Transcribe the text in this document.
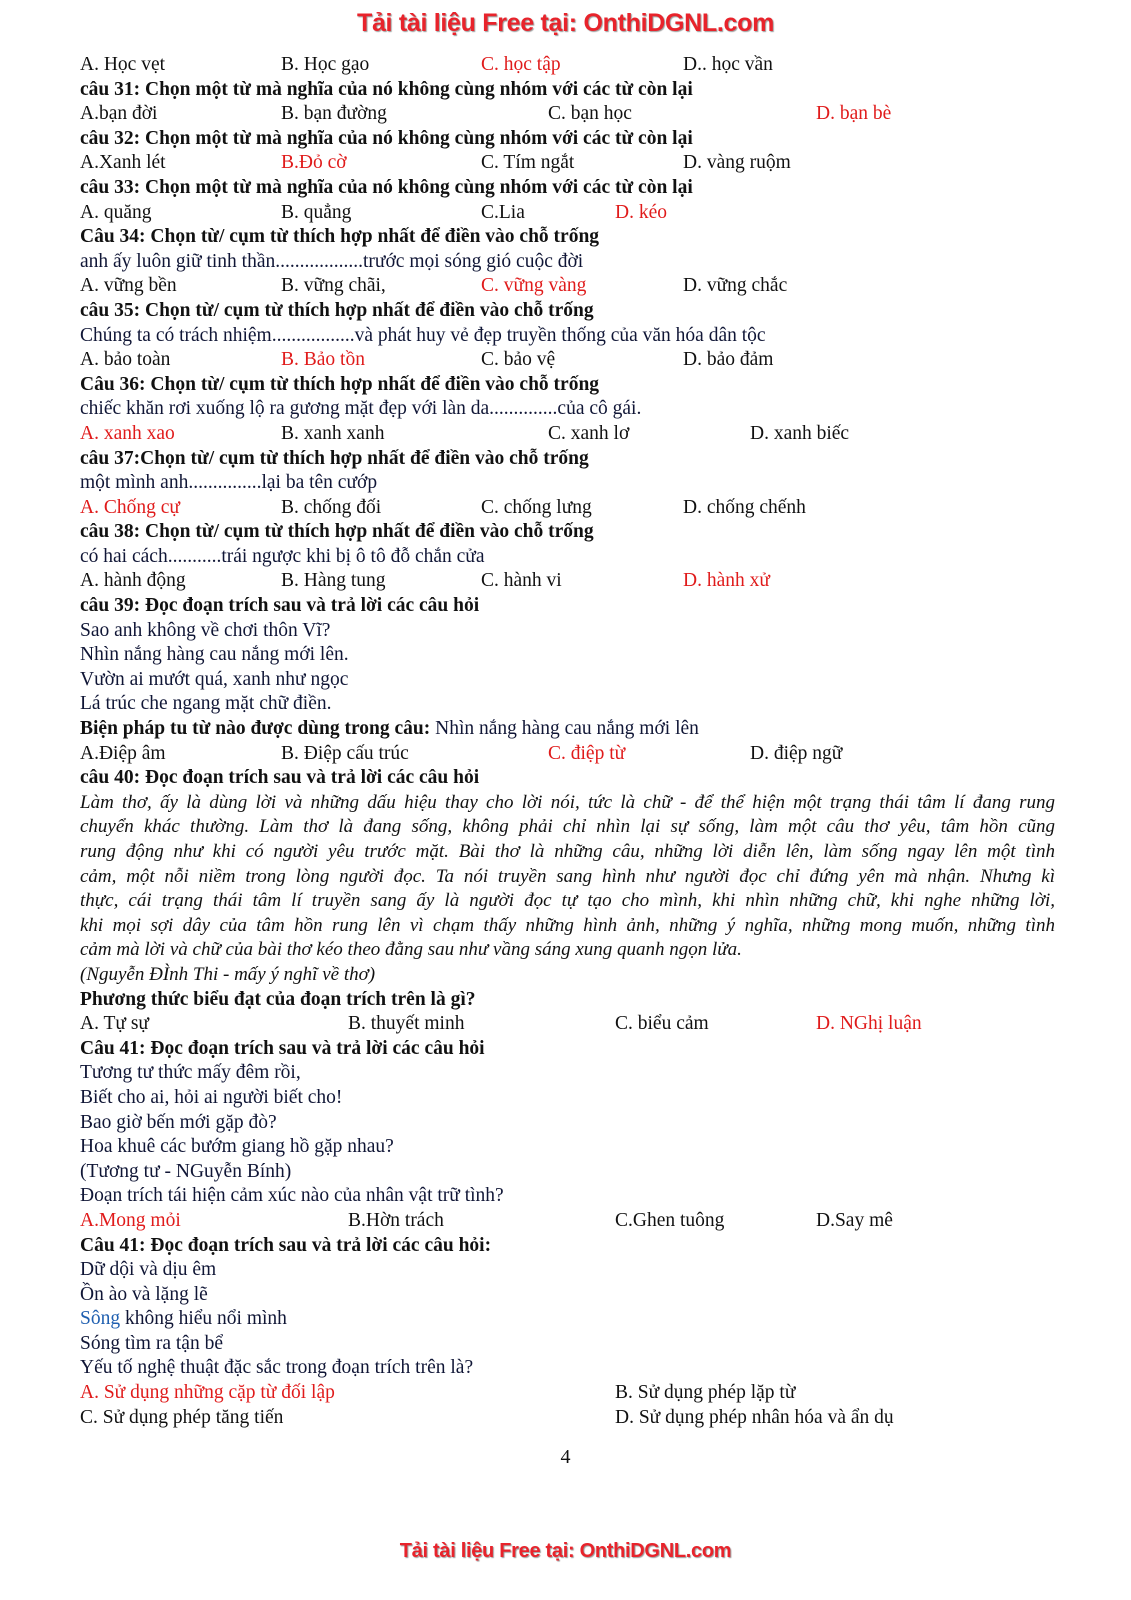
Tải tài liệu Free tại: OnthiDGNL.com
A. Học vẹt	B. Học gạo	C. học tập	D.. học vần
câu 31: Chọn một từ mà nghĩa của nó không cùng nhóm với các từ còn lại
A.bạn đời	B. bạn đường	C. bạn học	D. bạn bè
câu 32: Chọn một từ mà nghĩa của nó không cùng nhóm với các từ còn lại
A.Xanh lét	B.Đỏ cờ	C. Tím ngắt	D. vàng ruộm
câu 33: Chọn một từ mà nghĩa của nó không cùng nhóm với các từ còn lại
A. quăng	B. quẳng	C.Lia	D. kéo
Câu 34: Chọn từ/ cụm từ thích hợp nhất để điền vào chỗ trống
anh ấy luôn giữ tinh thần..................trước mọi sóng gió cuộc đời
A. vững bền	B. vững chãi,	C. vững vàng	D. vững chắc
câu 35: Chọn từ/ cụm từ thích hợp nhất để điền vào chỗ trống
Chúng ta có trách nhiệm.................và phát huy vẻ đẹp truyền thống của văn hóa dân tộc
A. bảo toàn	B. Bảo tồn	C. bảo vệ	D. bảo đảm
Câu 36: Chọn từ/ cụm từ thích hợp nhất để điền vào chỗ trống
chiếc khăn rơi xuống lộ ra gương mặt đẹp với làn da..............của cô gái.
A. xanh xao	B. xanh xanh	C. xanh lơ	D. xanh biếc
câu 37:Chọn từ/ cụm từ thích hợp nhất để điền vào chỗ trống
một mình anh...............lại ba tên cướp
A. Chống cự	B. chống đối	C. chống lưng	D. chống chếnh
câu 38: Chọn từ/ cụm từ thích hợp nhất để điền vào chỗ trống
có hai cách...........trái ngược khi bị ô tô đỗ chắn cửa
A. hành động	B. Hàng tung	C. hành vi	D. hành xử
câu 39: Đọc đoạn trích sau và trả lời các câu hỏi
Sao anh không về chơi thôn Vĩ?
Nhìn nắng hàng cau nắng mới lên.
Vườn ai mướt quá, xanh như ngọc
Lá trúc che ngang mặt chữ điền.
Biện pháp tu từ nào được dùng trong câu: Nhìn nắng hàng cau nắng mới lên
A.Điệp âm	B. Điệp cấu trúc	C. điệp từ	D. điệp ngữ
câu 40: Đọc đoạn trích sau và trả lời các câu hỏi
Làm thơ, ấy là dùng lời và những dấu hiệu thay cho lời nói, tức là chữ - để thể hiện một trạng thái tâm lí đang rung
chuyển khác thường. Làm thơ là đang sống, không phải chỉ nhìn lại sự sống, làm một câu thơ yêu, tâm hồn cũng
rung động như khi có người yêu trước mặt. Bài thơ là những câu, những lời diễn lên, làm sống ngay lên một tình
cảm, một nỗi niềm trong lòng người đọc. Ta nói truyền sang hình như người đọc chỉ đứng yên mà nhận. Nhưng kì
thực, cái trạng thái tâm lí truyền sang ấy là người đọc tự tạo cho mình, khi nhìn những chữ, khi nghe những lời,
khi mọi sợi dây của tâm hồn rung lên vì chạm thấy những hình ảnh, những ý nghĩa, những mong muốn, những tình
cảm mà lời và chữ của bài thơ kéo theo đằng sau như vầng sáng xung quanh ngọn lửa.
(Nguyễn ĐÌnh Thi - mấy ý nghĩ về thơ)
Phương thức biểu đạt của đoạn trích trên là gì?
A. Tự sự	B. thuyết minh	C. biểu cảm	D. NGhị luận
Câu 41: Đọc đoạn trích sau và trả lời các câu hỏi
Tương tư thức mấy đêm rồi,
Biết cho ai, hỏi ai người biết cho!
Bao giờ bến mới gặp đò?
Hoa khuê các bướm giang hồ gặp nhau?
(Tương tư - NGuyễn Bính)
Đoạn trích tái hiện cảm xúc nào của nhân vật trữ tình?
A.Mong mỏi	B.Hờn trách	C.Ghen tuông	D.Say mê
Câu 41: Đọc đoạn trích sau và trả lời các câu hỏi:
Dữ dội và dịu êm
Ồn ào và lặng lẽ
Sông không hiểu nổi mình
Sóng tìm ra tận bể
Yếu tố nghệ thuật đặc sắc trong đoạn trích trên là?
A. Sử dụng những cặp từ đối lập	B. Sử dụng phép lặp từ
C. Sử dụng phép tăng tiến	D. Sử dụng phép nhân hóa và ẩn dụ
4
Tải tài liệu Free tại: OnthiDGNL.com
